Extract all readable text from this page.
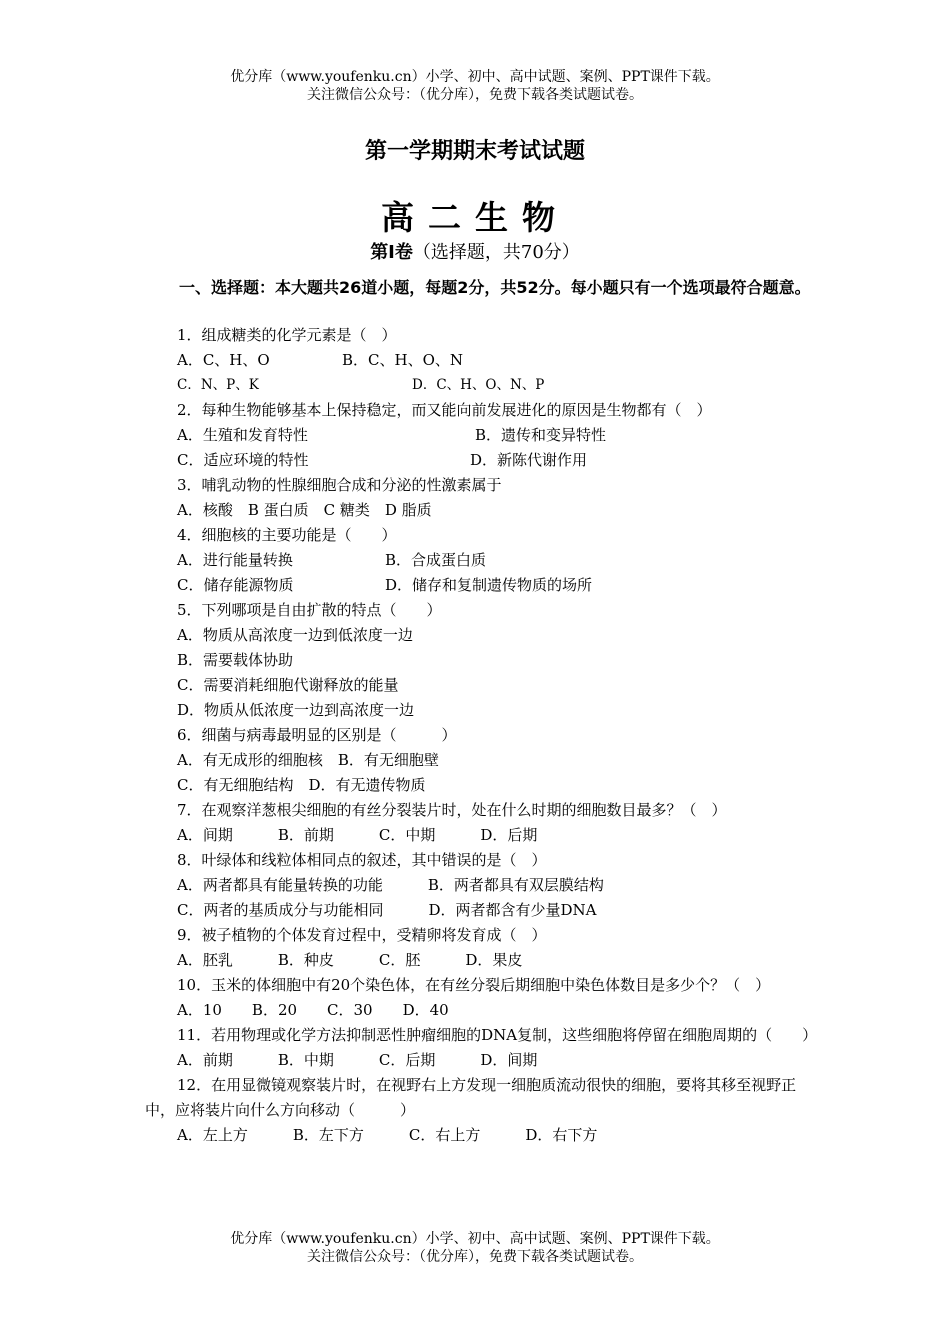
优分库（www.youfenku.cn）小学、初中、高中试题、案例、PPT课件下载。
关注微信公众号：（优分库），免费下载各类试题试卷。
第一学期期末考试试题
高二生物
第Ⅰ卷（选择题，共70分）
一、选择题：本大题共26道小题，每题2分，共52分。每小题只有一个选项最符合题意。
1．组成糖类的化学元素是（　）
A．C、H、O	B．C、H、O、N
C．N、P、K	D．C、H、O、N、P
2．每种生物能够基本上保持稳定，而又能向前发展进化的原因是生物都有（　）
A．生殖和发育特性	B．遗传和变异特性
C．适应环境的特性	D．新陈代谢作用
3．哺乳动物的性腺细胞合成和分泌的性激素属于
A．核酸　B 蛋白质　C 糖类　D 脂质
4．细胞核的主要功能是（　　）
A．进行能量转换	B．合成蛋白质
C．储存能源物质	D．储存和复制遗传物质的场所
5．下列哪项是自由扩散的特点（　　）
A．物质从高浓度一边到低浓度一边
B．需要载体协助
C．需要消耗细胞代谢释放的能量
D．物质从低浓度一边到高浓度一边
6．细菌与病毒最明显的区别是（　　　）
A．有无成形的细胞核　B．有无细胞壁
C．有无细胞结构　D．有无遗传物质
7．在观察洋葱根尖细胞的有丝分裂装片时，处在什么时期的细胞数目最多？（　）
A．间期　　　B．前期　　　C．中期　　　D．后期
8．叶绿体和线粒体相同点的叙述，其中错误的是（　）
A．两者都具有能量转换的功能　　　B．两者都具有双层膜结构
C．两者的基质成分与功能相同　　　D．两者都含有少量DNA
9．被子植物的个体发育过程中，受精卵将发育成（　）
A．胚乳　　　B．种皮　　　C．胚　　　D．果皮
10．玉米的体细胞中有20个染色体，在有丝分裂后期细胞中染色体数目是多少个？（　）
A．10　　B．20　　C．30　　D．40
11．若用物理或化学方法抑制恶性肿瘤细胞的DNA复制，这些细胞将停留在细胞周期的（　　）
A．前期　　　B．中期　　　C．后期　　　D．间期
12．在用显微镜观察装片时，在视野右上方发现一细胞质流动很快的细胞，要将其移至视野正中，应将装片向什么方向移动（　　　）
A．左上方　　　B．左下方　　　C．右上方　　　D．右下方
优分库（www.youfenku.cn）小学、初中、高中试题、案例、PPT课件下载。
关注微信公众号：（优分库），免费下载各类试题试卷。
